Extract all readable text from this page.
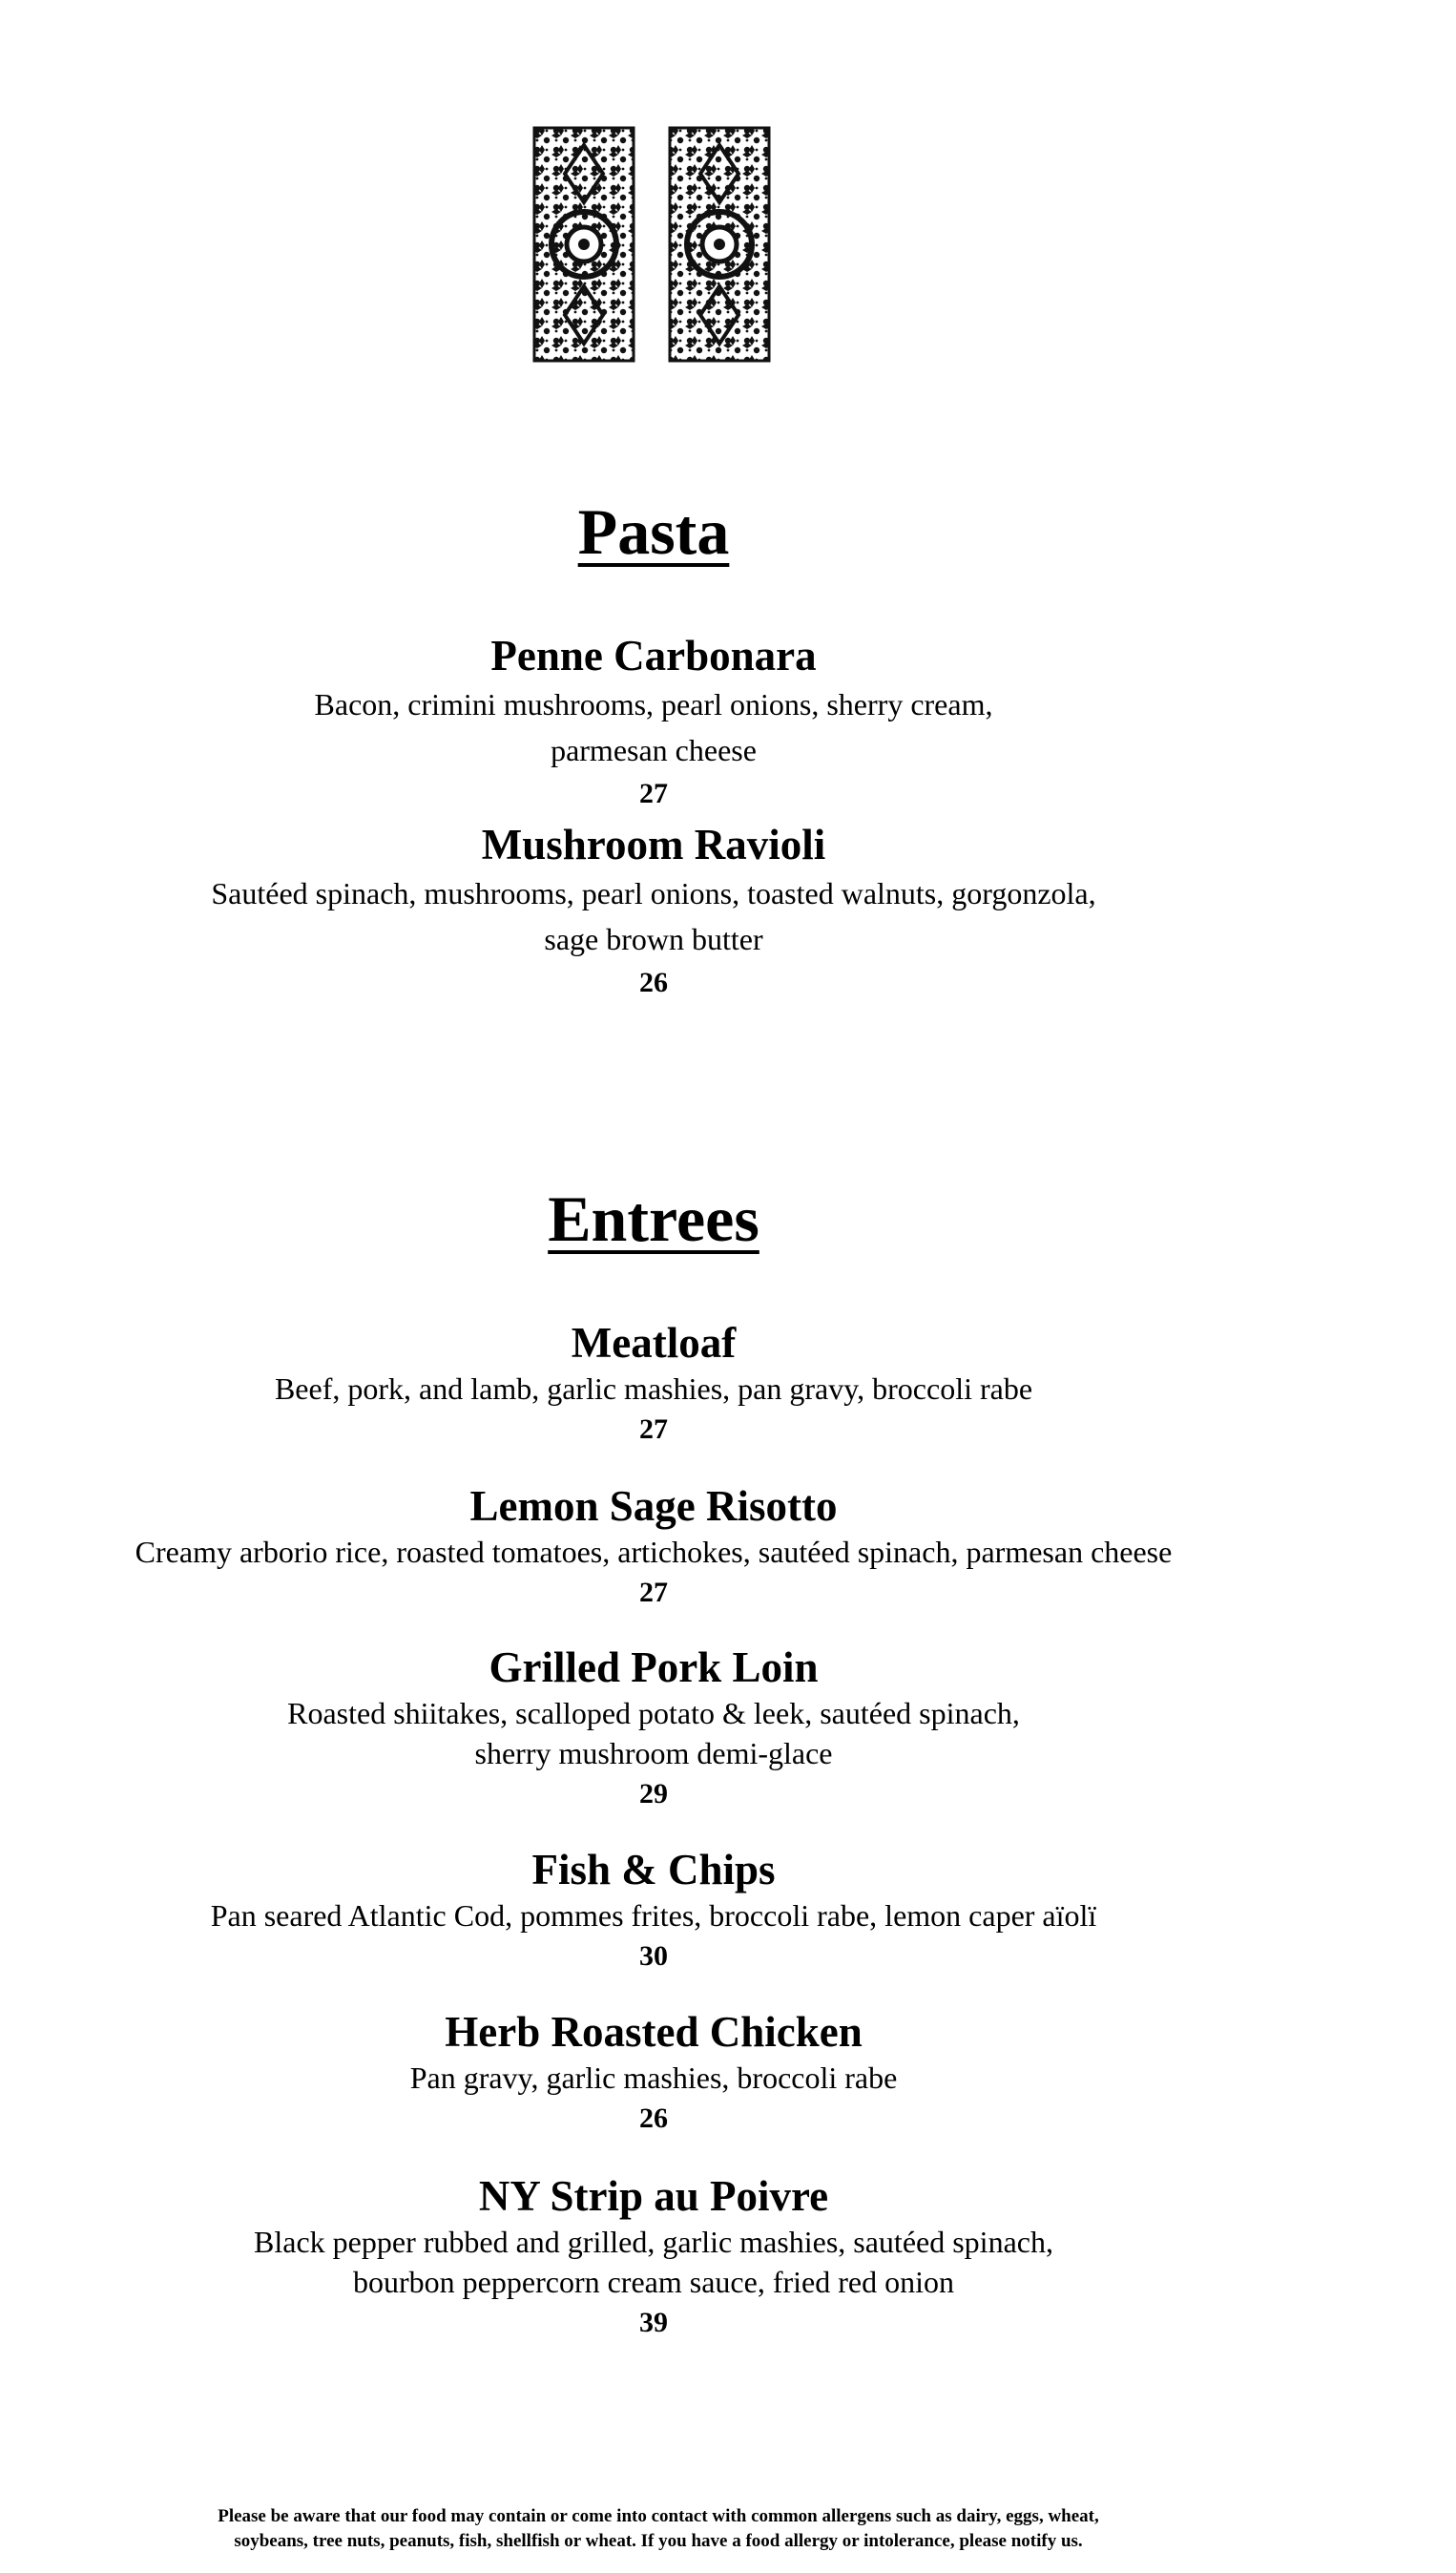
Pasta
Penne Carbonara
Bacon, crimini mushrooms, pearl onions, sherry cream,
parmesan cheese
27
Mushroom Ravioli
Sautéed spinach, mushrooms, pearl onions, toasted walnuts, gorgonzola,
sage brown butter
26
Entrees
Meatloaf
Beef, pork, and lamb, garlic mashies, pan gravy, broccoli rabe
27
Lemon Sage Risotto
Creamy arborio rice, roasted tomatoes, artichokes, sautéed spinach, parmesan cheese
27
Grilled Pork Loin
Roasted shiitakes, scalloped potato & leek, sautéed spinach,
sherry mushroom demi-glace
29
Fish & Chips
Pan seared Atlantic Cod, pommes frites, broccoli rabe, lemon caper aïolï
30
Herb Roasted Chicken
Pan gravy, garlic mashies, broccoli rabe
26
NY Strip au Poivre
Black pepper rubbed and grilled, garlic mashies, sautéed spinach,
bourbon peppercorn cream sauce, fried red onion
39
Please be aware that our food may contain or come into contact with common allergens such as dairy, eggs, wheat,
soybeans, tree nuts, peanuts, fish, shellfish or wheat. If you have a food allergy or intolerance, please notify us.
